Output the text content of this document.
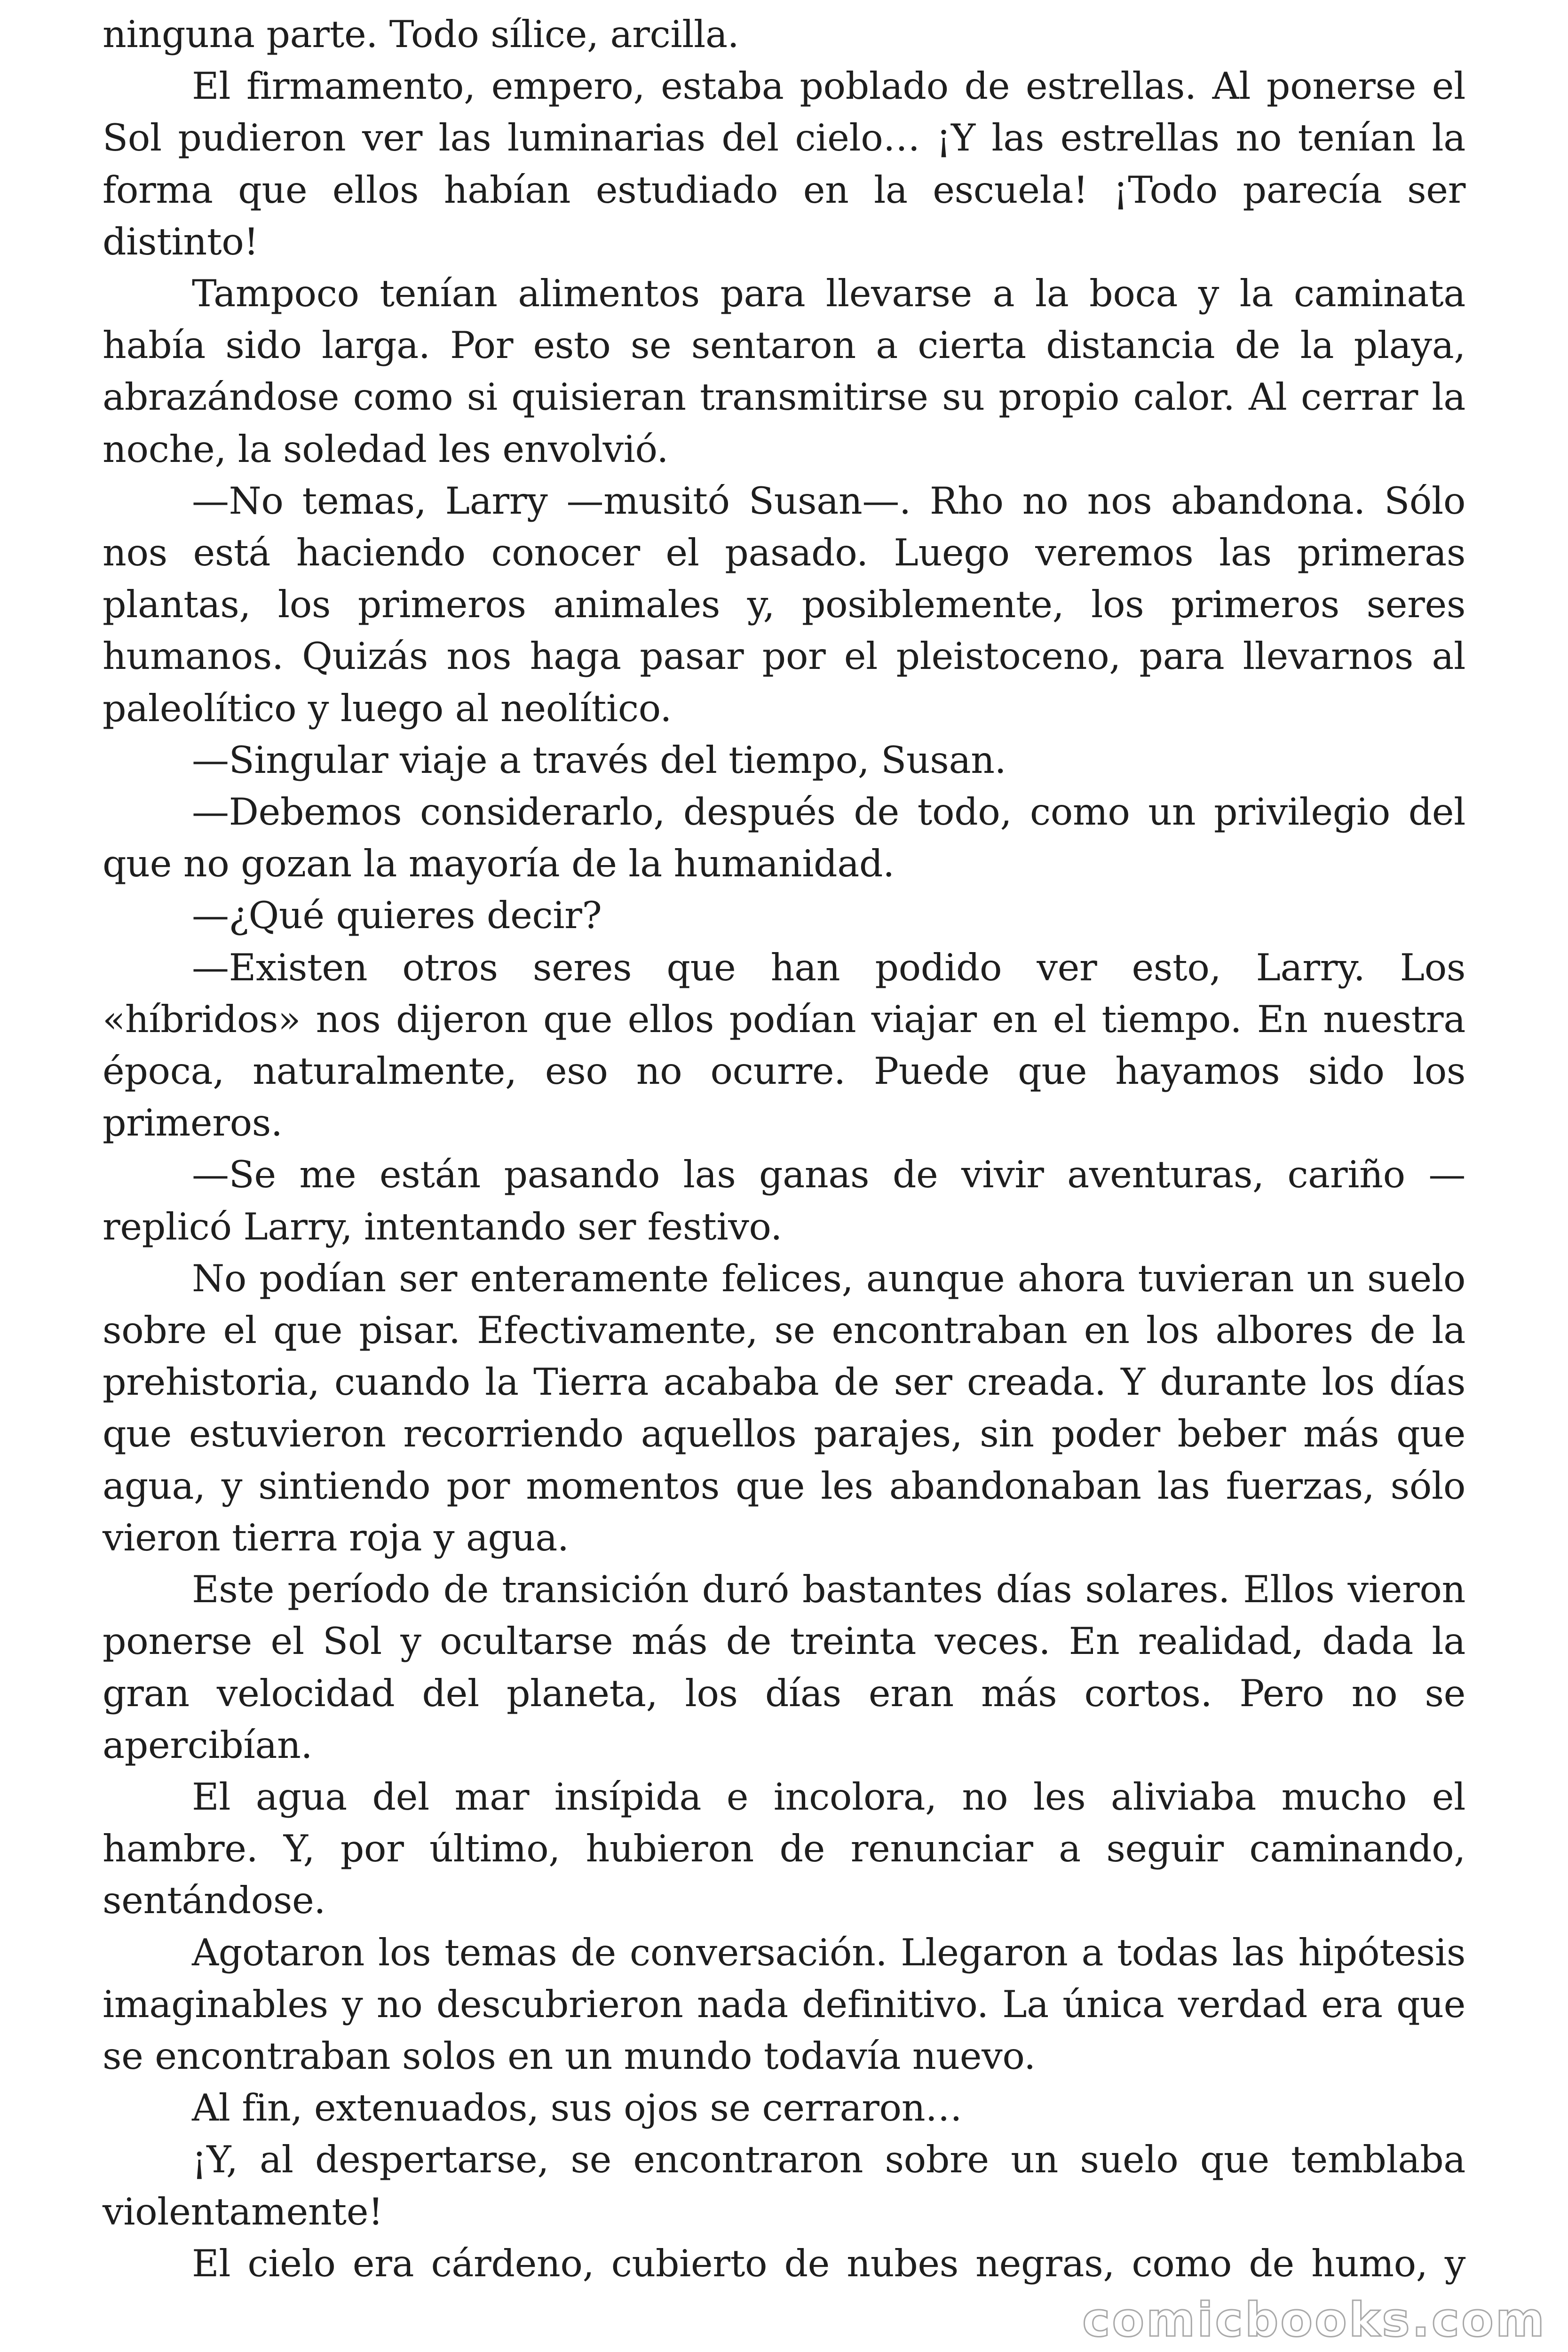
ninguna parte. Todo sílice, arcilla.

El firmamento, empero, estaba poblado de estrellas. Al ponerse el Sol pudieron ver las luminarias del cielo… ¡Y las estrellas no tenían la forma que ellos habían estudiado en la escuela! ¡Todo parecía ser distinto!

Tampoco tenían alimentos para llevarse a la boca y la caminata había sido larga. Por esto se sentaron a cierta distancia de la playa, abrazándose como si quisieran transmitirse su propio calor. Al cerrar la noche, la soledad les envolvió.

—No temas, Larry —musitó Susan—. Rho no nos abandona. Sólo nos está haciendo conocer el pasado. Luego veremos las primeras plantas, los primeros animales y, posiblemente, los primeros seres humanos. Quizás nos haga pasar por el pleistoceno, para llevarnos al paleolítico y luego al neolítico.

—Singular viaje a través del tiempo, Susan.

—Debemos considerarlo, después de todo, como un privilegio del que no gozan la mayoría de la humanidad.

—¿Qué quieres decir?

—Existen otros seres que han podido ver esto, Larry. Los «híbridos» nos dijeron que ellos podían viajar en el tiempo. En nuestra época, naturalmente, eso no ocurre. Puede que hayamos sido los primeros.

—Se me están pasando las ganas de vivir aventuras, cariño — replicó Larry, intentando ser festivo.

No podían ser enteramente felices, aunque ahora tuvieran un suelo sobre el que pisar. Efectivamente, se encontraban en los albores de la prehistoria, cuando la Tierra acababa de ser creada. Y durante los días que estuvieron recorriendo aquellos parajes, sin poder beber más que agua, y sintiendo por momentos que les abandonaban las fuerzas, sólo vieron tierra roja y agua.

Este período de transición duró bastantes días solares. Ellos vieron ponerse el Sol y ocultarse más de treinta veces. En realidad, dada la gran velocidad del planeta, los días eran más cortos. Pero no se apercibían.

El agua del mar insípida e incolora, no les aliviaba mucho el hambre. Y, por último, hubieron de renunciar a seguir caminando, sentándose.

Agotaron los temas de conversación. Llegaron a todas las hipótesis imaginables y no descubrieron nada definitivo. La única verdad era que se encontraban solos en un mundo todavía nuevo.

Al fin, extenuados, sus ojos se cerraron…

¡Y, al despertarse, se encontraron sobre un suelo que temblaba violentamente!

El cielo era cárdeno, cubierto de nubes negras, como de humo, y

comicbooks.com
